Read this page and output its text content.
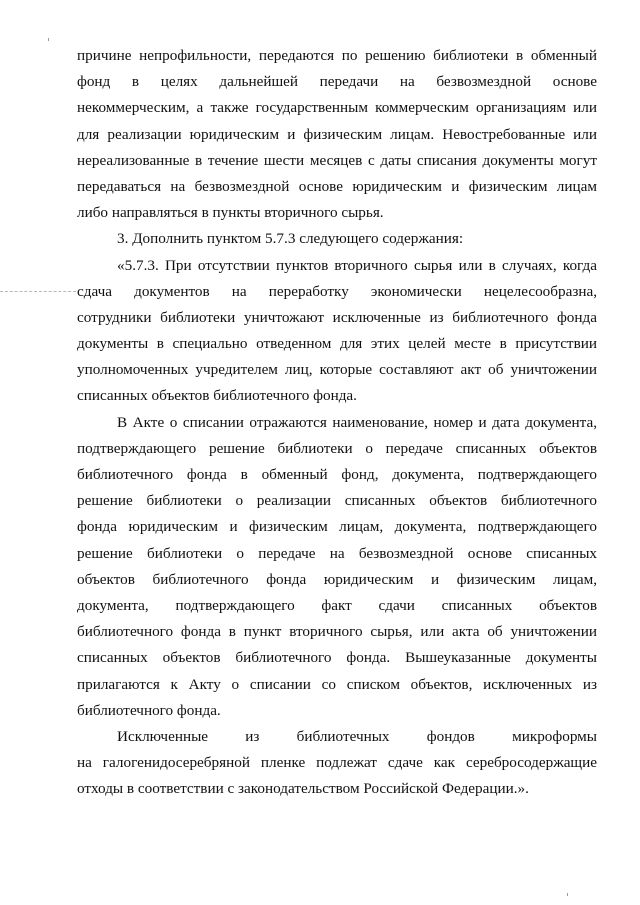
причине непрофильности, передаются по решению библиотеки в обменный
фонд в целях дальнейшей передачи на безвозмездной основе
некоммерческим, а также государственным коммерческим организациям или
для реализации юридическим и физическим лицам. Невостребованные или
нереализованные в течение шести месяцев с даты списания документы могут
передаваться на безвозмездной основе юридическим и физическим лицам
либо направляться в пункты вторичного сырья.
3. Дополнить пунктом 5.7.3 следующего содержания:
«5.7.3. При отсутствии пунктов вторичного сырья или в случаях, когда
сдача документов на переработку экономически нецелесообразна,
сотрудники библиотеки уничтожают исключенные из библиотечного фонда
документы в специально отведенном для этих целей месте в присутствии
уполномоченных учредителем лиц, которые составляют акт об уничтожении
списанных объектов библиотечного фонда.
В Акте о списании отражаются наименование, номер и дата документа,
подтверждающего решение библиотеки о передаче списанных объектов
библиотечного фонда в обменный фонд, документа, подтверждающего
решение библиотеки о реализации списанных объектов библиотечного
фонда юридическим и физическим лицам, документа, подтверждающего
решение библиотеки о передаче на безвозмездной основе списанных
объектов библиотечного фонда юридическим и физическим лицам,
документа, подтверждающего факт сдачи списанных объектов
библиотечного фонда в пункт вторичного сырья, или акта об уничтожении
списанных объектов библиотечного фонда. Вышеуказанные документы
прилагаются к Акту о списании со списком объектов, исключенных из
библиотечного фонда.
Исключенные из библиотечных фондов микроформы
на галогенидосеребряной пленке подлежат сдаче как серебросодержащие
отходы в соответствии с законодательством Российской Федерации.».
